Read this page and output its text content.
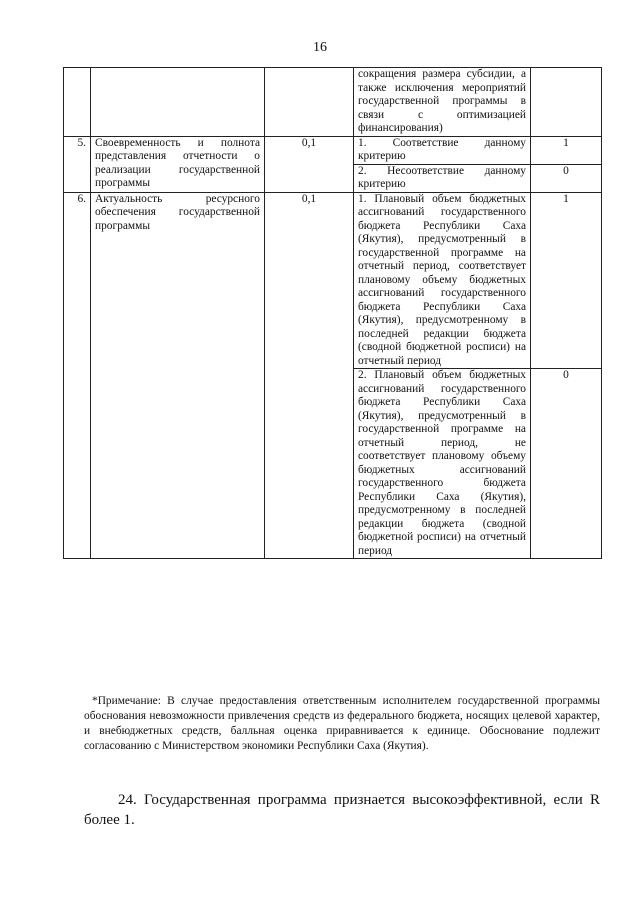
16
			сокращения размера субсидии, а также исключения мероприятий государственной программы в связи с оптимизацией финансирования)	
5.	Своевременность и полнота представления отчетности о реализации государственной программы	0,1	1. Соответствие данному критерию	1
			2. Несоответствие данному критерию	0
6.	Актуальность ресурсного обеспечения государственной программы	0,1	1. Плановый объем бюджетных ассигнований государственного бюджета Республики Саха (Якутия), предусмотренный в государственной программе на отчетный период, соответствует плановому объему бюджетных ассигнований государственного бюджета Республики Саха (Якутия), предусмотренному в последней редакции бюджета (сводной бюджетной росписи) на отчетный период	1
			2. Плановый объем бюджетных ассигнований государственного бюджета Республики Саха (Якутия), предусмотренный в государственной программе на отчетный период, не соответствует плановому объему бюджетных ассигнований государственного бюджета Республики Саха (Якутия), предусмотренному в последней редакции бюджета (сводной бюджетной росписи) на отчетный период	0
*Примечание: В случае предоставления ответственным исполнителем государственной программы обоснования невозможности привлечения средств из федерального бюджета, носящих целевой характер, и внебюджетных средств, балльная оценка приравнивается к единице. Обоснование подлежит согласованию с Министерством экономики Республики Саха (Якутия).
24. Государственная программа признается высокоэффективной, если R более 1.
